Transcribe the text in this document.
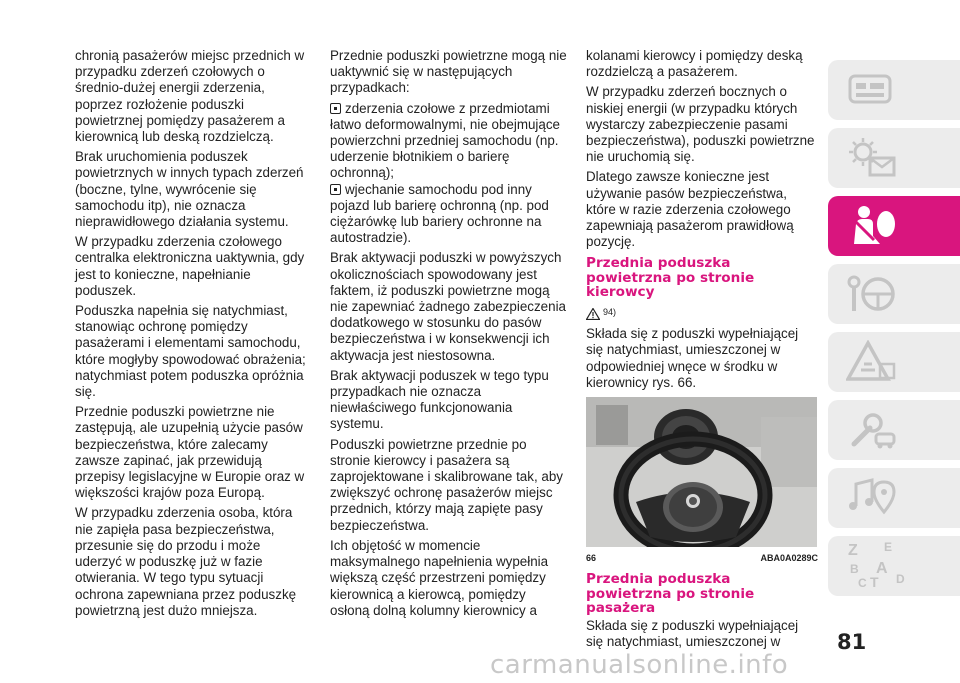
chronią pasażerów miejsc przednich w przypadku zderzeń czołowych o średnio-dużej energii zderzenia, poprzez rozłożenie poduszki powietrznej pomiędzy pasażerem a kierownicą lub deską rozdzielczą.

Brak uruchomienia poduszek powietrznych w innych typach zderzeń (boczne, tylne, wywrócenie się samochodu itp), nie oznacza nieprawidłowego działania systemu.

W przypadku zderzenia czołowego centralka elektroniczna uaktywnia, gdy jest to konieczne, napełnianie poduszek.

Poduszka napełnia się natychmiast, stanowiąc ochronę pomiędzy pasażerami i elementami samochodu, które mogłyby spowodować obrażenia; natychmiast potem poduszka opróżnia się.

Przednie poduszki powietrzne nie zastępują, ale uzupełnią użycie pasów bezpieczeństwa, które zalecamy zawsze zapinać, jak przewidują przepisy legislacyjne w Europie oraz w większości krajów poza Europą.

W przypadku zderzenia osoba, która nie zapięła pasa bezpieczeństwa, przesunie się do przodu i może uderzyć w poduszkę już w fazie otwierania. W tego typu sytuacji ochrona zapewniana przez poduszkę powietrzną jest dużo mniejsza.

Przednie poduszki powietrzne mogą nie uaktywnić się w następujących przypadkach:

zderzenia czołowe z przedmiotami łatwo deformowalnymi, nie obejmujące powierzchni przedniej samochodu (np. uderzenie błotnikiem o barierę ochronną);

wjechanie samochodu pod inny pojazd lub barierę ochronną (np. pod ciężarówkę lub bariery ochronne na autostradzie).

Brak aktywacji poduszki w powyższych okolicznościach spowodowany jest faktem, iż poduszki powietrzne mogą nie zapewniać żadnego zabezpieczenia dodatkowego w stosunku do pasów bezpieczeństwa i w konsekwencji ich aktywacja jest niestosowna.

Brak aktywacji poduszek w tego typu przypadkach nie oznacza niewłaściwego funkcjonowania systemu.

Poduszki powietrzne przednie po stronie kierowcy i pasażera są zaprojektowane i skalibrowane tak, aby zwiększyć ochronę pasażerów miejsc przednich, którzy mają zapięte pasy bezpieczeństwa.

Ich objętość w momencie maksymalnego napełnienia wypełnia większą część przestrzeni pomiędzy kierownicą a kierowcą, pomiędzy osłoną dolną kolumny kierownicy a

kolanami kierowcy i pomiędzy deską rozdzielczą a pasażerem.

W przypadku zderzeń bocznych o niskiej energii (w przypadku których wystarczy zabezpieczenie pasami bezpieczeństwa), poduszki powietrzne nie uruchomią się.

Dlatego zawsze konieczne jest używanie pasów bezpieczeństwa, które w razie zderzenia czołowego zapewniają pasażerom prawidłową pozycję.

Przednia poduszka powietrzna po stronie kierowcy
94)

Składa się z poduszki wypełniającej się natychmiast, umieszczonej w odpowiedniej wnęce w środku w kierownicy rys. 66.

66	ABA0A0289C
Przednia poduszka powietrzna po stronie pasażera

Składa się z poduszki wypełniającej się natychmiast, umieszczonej w

Z E
B A
C T D
81
carmanualsonline.info
